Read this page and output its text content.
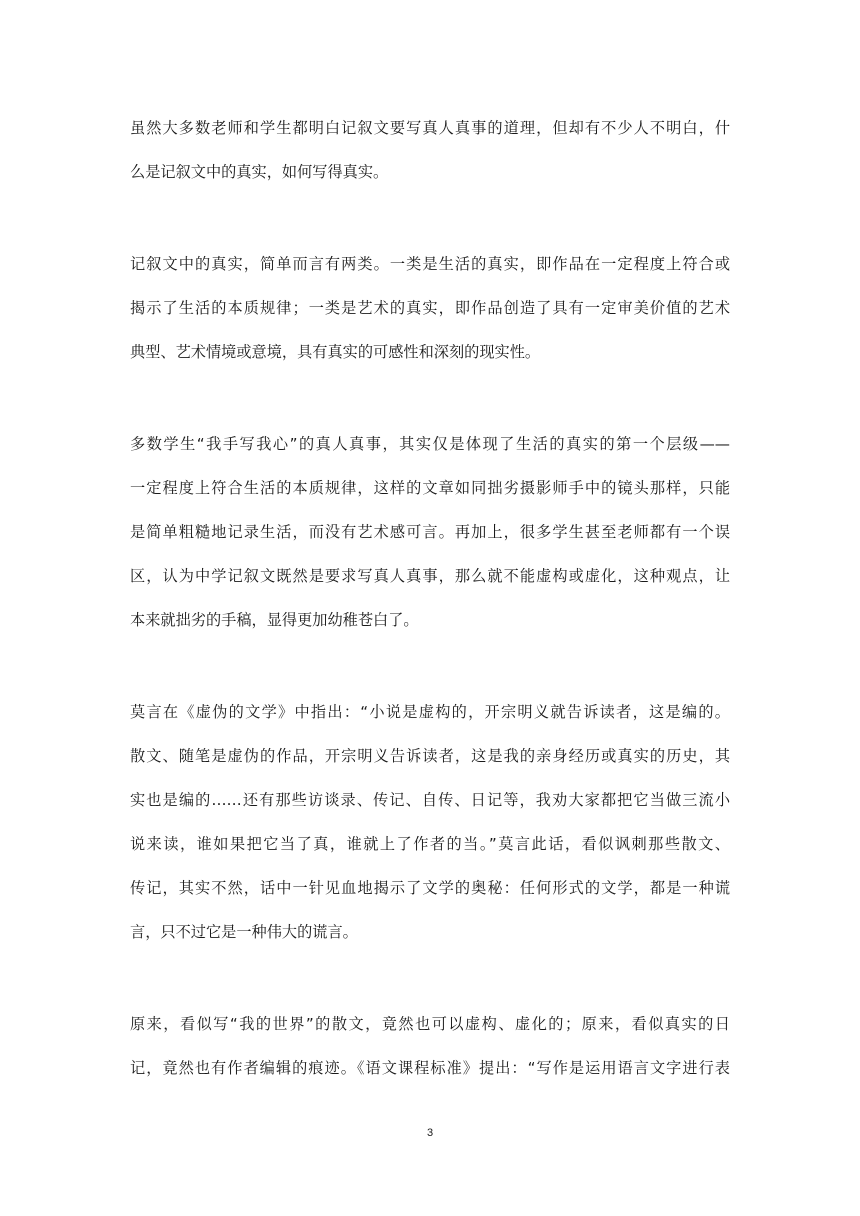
虽然大多数老师和学生都明白记叙文要写真人真事的道理，但却有不少人不明白，什
么是记叙文中的真实，如何写得真实。
记叙文中的真实，简单而言有两类。一类是生活的真实，即作品在一定程度上符合或
揭示了生活的本质规律；一类是艺术的真实，即作品创造了具有一定审美价值的艺术
典型、艺术情境或意境，具有真实的可感性和深刻的现实性。
多数学生“我手写我心”的真人真事，其实仅是体现了生活的真实的第一个层级——
一定程度上符合生活的本质规律，这样的文章如同拙劣摄影师手中的镜头那样，只能
是简单粗糙地记录生活，而没有艺术感可言。再加上，很多学生甚至老师都有一个误
区，认为中学记叙文既然是要求写真人真事，那么就不能虚构或虚化，这种观点，让
本来就拙劣的手稿，显得更加幼稚苍白了。
莫言在《虚伪的文学》中指出：“小说是虚构的，开宗明义就告诉读者，这是编的。
散文、随笔是虚伪的作品，开宗明义告诉读者，这是我的亲身经历或真实的历史，其
实也是编的……还有那些访谈录、传记、自传、日记等，我劝大家都把它当做三流小
说来读，谁如果把它当了真，谁就上了作者的当。”莫言此话，看似讽刺那些散文、
传记，其实不然，话中一针见血地揭示了文学的奥秘：任何形式的文学，都是一种谎
言，只不过它是一种伟大的谎言。
原来，看似写“我的世界”的散文，竟然也可以虚构、虚化的；原来，看似真实的日
记，竟然也有作者编辑的痕迹。《语文课程标准》提出：“写作是运用语言文字进行表
3
